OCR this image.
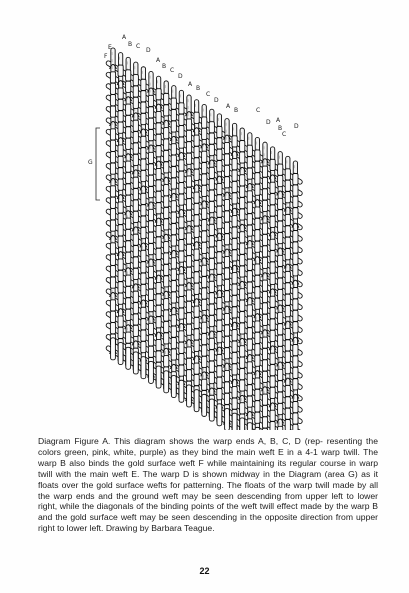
A
B C
D
E
F
A
B
C
D
A
B
C
D
A
B	C
D A
B
C
D
G

Diagram Figure A. This diagram shows the warp ends A, B, C, D (rep- resenting the colors green, pink, white, purple) as they bind the main weft E in a 4-1 warp twill. The warp B also binds the gold surface weft F while maintaining its regular course in warp twill with the main weft E. The warp D is shown midway in the Diagram (area G) as it floats over the gold surface wefts for patterning. The floats of the warp twill made by all the warp ends and the ground weft may be seen descending from upper left to lower right, while the diagonals of the binding points of the weft twill effect made by the warp B and the gold surface weft may be seen descending in the opposite direction from upper right to lower left. Drawing by Barbara Teague.

22
